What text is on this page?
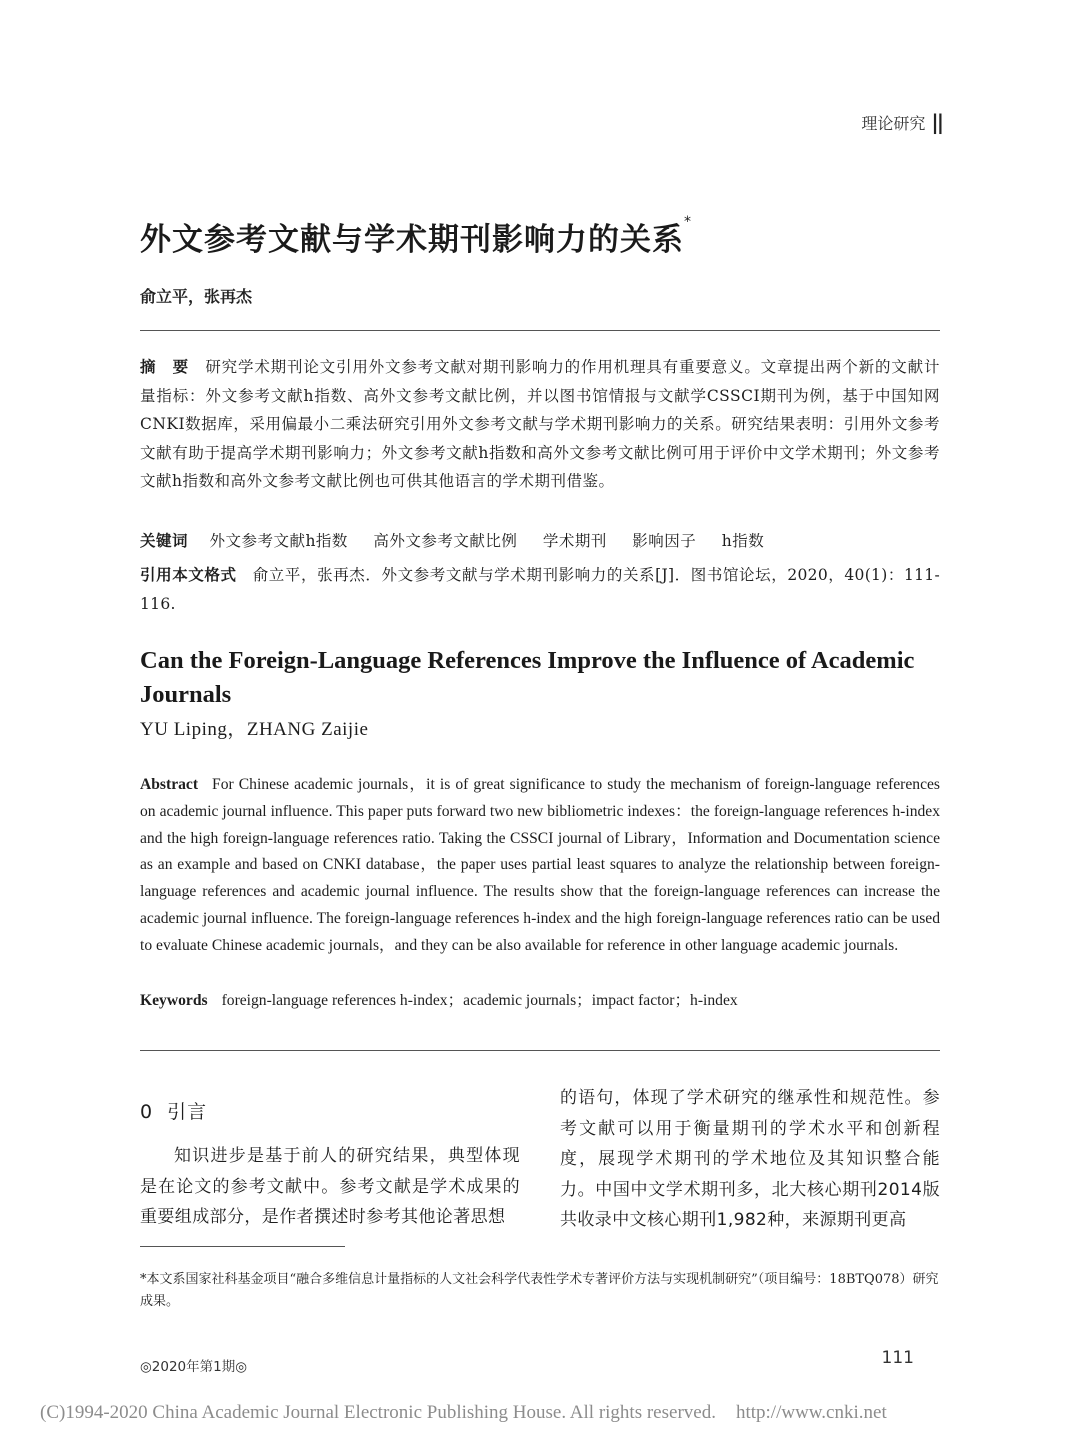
理论研究 ||
外文参考文献与学术期刊影响力的关系*
俞立平，张再杰

摘　要　 研究学术期刊论文引用外文参考文献对期刊影响力的作用机理具有重要意义。文章提出两个新的文献计量指标：外文参考文献h指数、高外文参考文献比例，并以图书馆情报与文献学CSSCI期刊为例，基于中国知网CNKI数据库，采用偏最小二乘法研究引用外文参考文献与学术期刊影响力的关系。研究结果表明：引用外文参考文献有助于提高学术期刊影响力；外文参考文献h指数和高外文参考文献比例可用于评价中文学术期刊；外文参考文献h指数和高外文参考文献比例也可供其他语言的学术期刊借鉴。

关键词　 外文参考文献h指数 高外文参考文献比例 学术期刊 影响因子 h指数

引用本文格式　 俞立平，张再杰．外文参考文献与学术期刊影响力的关系[J]．图书馆论坛，2020，40(1)：111-116.

Can the Foreign-Language References Improve the Influence of Academic Journals
YU Liping，ZHANG Zaijie

Abstract For Chinese academic journals，it is of great significance to study the mechanism of foreign-language references on academic journal influence. This paper puts forward two new bibliometric indexes：the foreign-language references h-index and the high foreign-language references ratio. Taking the CSSCI journal of Library，Information and Documentation science as an example and based on CNKI database，the paper uses partial least squares to analyze the relationship between foreign-language references and academic journal influence. The results show that the foreign-language references can increase the academic journal influence. The foreign-language references h-index and the high foreign-language references ratio can be used to evaluate Chinese academic journals，and they can be also available for reference in other language academic journals.

Keywords foreign-language references h-index；academic journals；impact factor；h-index
0 引言

知识进步是基于前人的研究结果，典型体现是在论文的参考文献中。参考文献是学术成果的重要组成部分，是作者撰述时参考其他论著思想

的语句，体现了学术研究的继承性和规范性。参考文献可以用于衡量期刊的学术水平和创新程度，展现学术期刊的学术地位及其知识整合能力。中国中文学术期刊多，北大核心期刊2014版共收录中文核心期刊1,982种，来源期刊更高

*本文系国家社科基金项目“融合多维信息计量指标的人文社会科学代表性学术专著评价方法与实现机制研究”（项目编号：18BTQ078）研究成果。

◎2020年第1期◎	111
(C)1994-2020 China Academic Journal Electronic Publishing House. All rights reserved. http://www.cnki.net
